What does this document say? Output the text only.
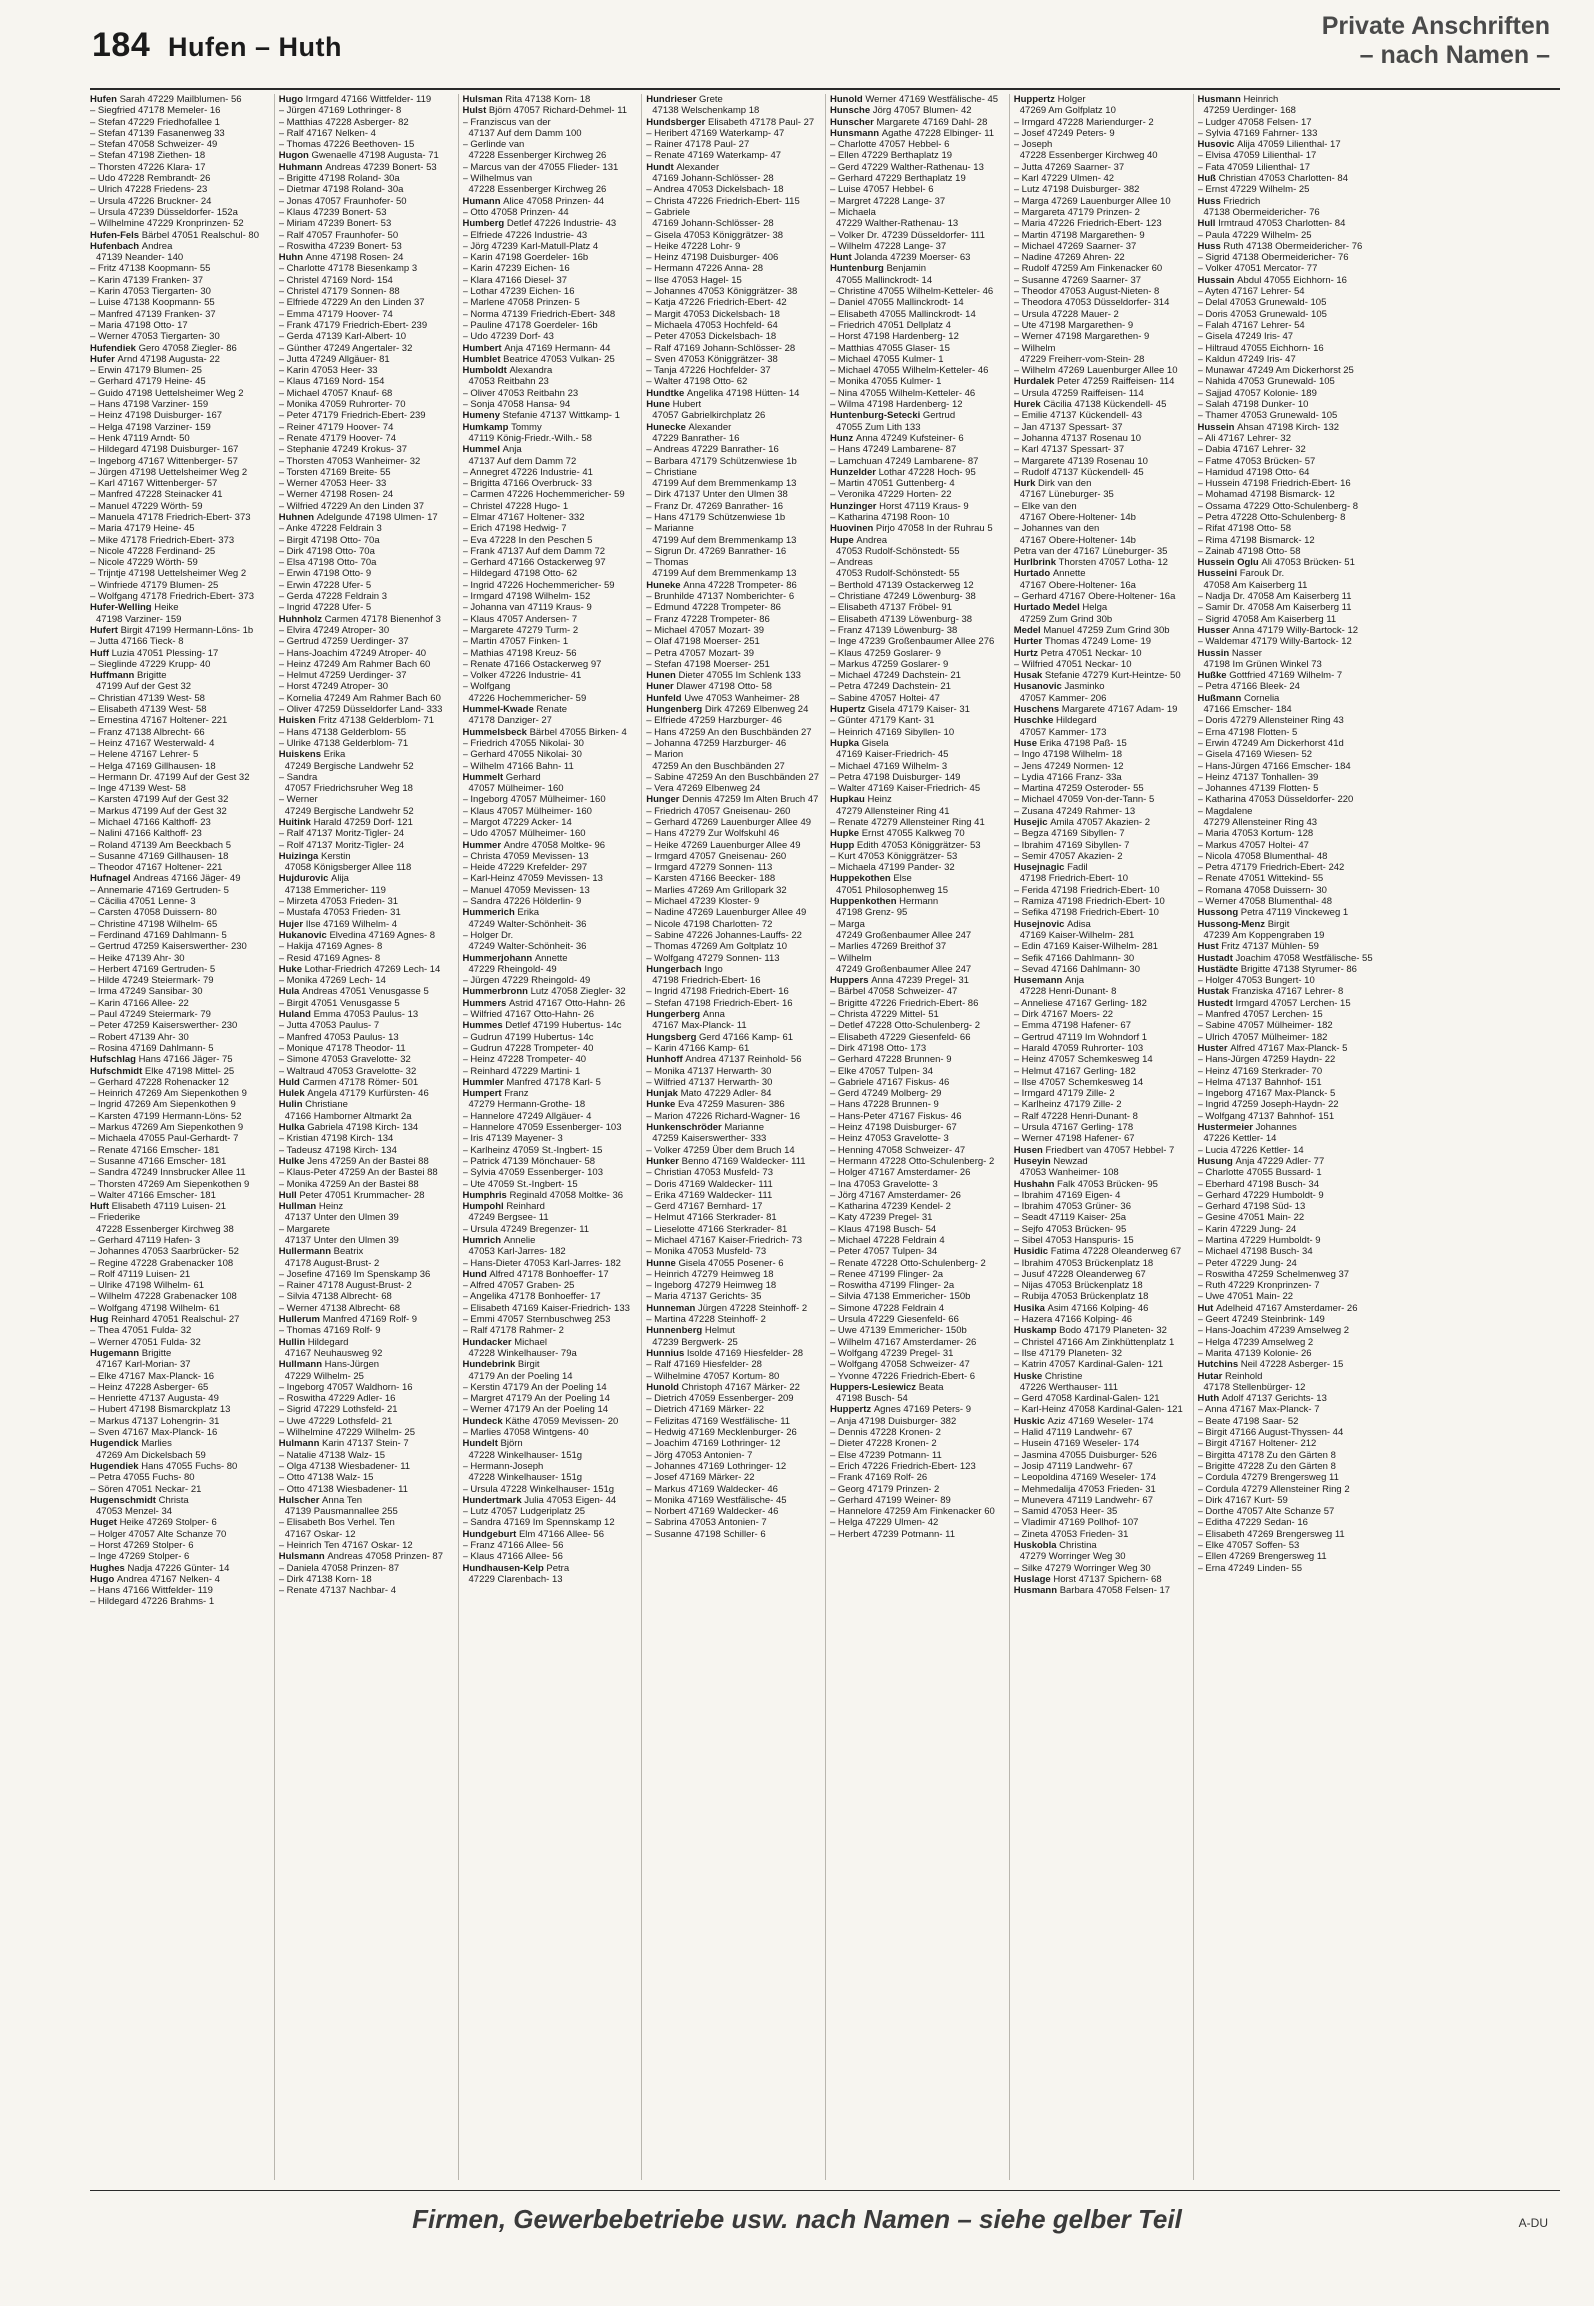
184 Hufen – Huth
Private Anschriften
– nach Namen –
Hufen Sarah 47229 Mailblumen- 56
– Siegfried 47178 Memeler- 16
– Stefan 47229 Friedhofallee 1
– Stefan 47139 Fasanenweg 33
– Stefan 47058 Schweizer- 49
– Stefan 47198 Ziethen- 18
– Thorsten 47226 Klara- 17
– Udo 47228 Rembrandt- 26
– Ulrich 47228 Friedens- 23
– Ursula 47226 Bruckner- 24
– Ursula 47239 Düsseldorfer- 152a
– Wilhelmine 47229 Kronprinzen- 52
Hufen-Fels Bärbel 47051 Realschul- 80
Hufenbach Andrea
47139 Neander- 140
– Fritz 47138 Koopmann- 55
– Karin 47139 Franken- 37
– Karin 47053 Tiergarten- 30
– Luise 47138 Koopmann- 55
– Manfred 47139 Franken- 37
– Maria 47198 Otto- 17
– Werner 47053 Tiergarten- 30
Hufendiek Gero 47058 Ziegler- 86
Hufer Arnd 47198 Augusta- 22
– Erwin 47179 Blumen- 25
– Gerhard 47179 Heine- 45
– Guido 47198 Uettelsheimer Weg 2
– Hans 47198 Varziner- 159
– Heinz 47198 Duisburger- 167
– Helga 47198 Varziner- 159
– Henk 47119 Arndt- 50
– Hildegard 47198 Duisburger- 167
– Ingeborg 47167 Wittenberger- 57
– Jürgen 47198 Uettelsheimer Weg 2
– Karl 47167 Wittenberger- 57
– Manfred 47228 Steinacker 41
– Manuel 47229 Wörth- 59
– Manuela 47178 Friedrich-Ebert- 373
– Maria 47179 Heine- 45
– Mike 47178 Friedrich-Ebert- 373
– Nicole 47228 Ferdinand- 25
– Nicole 47229 Wörth- 59
– Trijntje 47198 Uettelsheimer Weg 2
– Winfriede 47179 Blumen- 25
– Wolfgang 47178 Friedrich-Ebert- 373
Hufer-Welling Heike
47198 Varziner- 159
Hufert Birgit 47199 Hermann-Löns- 1b
– Jutta 47166 Tieck- 8
Huff Luzia 47051 Plessing- 17
– Sieglinde 47229 Krupp- 40
Huffmann Brigitte
47199 Auf der Gest 32
– Christian 47139 West- 58
– Elisabeth 47139 West- 58
– Ernestina 47167 Holtener- 221
– Franz 47138 Albrecht- 66
– Heinz 47167 Westerwald- 4
– Helene 47167 Lehrer- 5
– Helga 47169 Gillhausen- 18
– Hermann Dr. 47199 Auf der Gest 32
– Inge 47139 West- 58
– Karsten 47199 Auf der Gest 32
– Markus 47199 Auf der Gest 32
– Michael 47166 Kalthoff- 23
– Nalini 47166 Kalthoff- 23
– Roland 47139 Am Beeckbach 5
– Susanne 47169 Gillhausen- 18
– Theodor 47167 Holtener- 221
Hufnagel Andreas 47166 Jäger- 49
– Annemarie 47169 Gertruden- 5
– Cäcilia 47051 Lenne- 3
– Carsten 47058 Duissern- 80
– Christine 47198 Wilhelm- 65
– Ferdinand 47169 Dahlmann- 5
– Gertrud 47259 Kaiserswerther- 230
– Heike 47139 Ahr- 30
– Herbert 47169 Gertruden- 5
– Hilde 47249 Steiermark- 79
– Irma 47249 Sansibar- 30
– Karin 47166 Allee- 22
– Paul 47249 Steiermark- 79
– Peter 47259 Kaiserswerther- 230
– Robert 47139 Ahr- 30
– Rosina 47169 Dahlmann- 5
Hufschlag Hans 47166 Jäger- 75
Hufschmidt Elke 47198 Mittel- 25
– Gerhard 47228 Rohenacker 12
– Heinrich 47269 Am Siepenkothen 9
– Ingrid 47269 Am Siepenkothen 9
– Karsten 47199 Hermann-Löns- 52
– Markus 47269 Am Siepenkothen 9
– Michaela 47055 Paul-Gerhardt- 7
– Renate 47166 Emscher- 181
– Susanne 47166 Emscher- 181
– Sandra 47249 Innsbrucker Allee 11
– Thorsten 47269 Am Siepenkothen 9
– Walter 47166 Emscher- 181
Huft Elisabeth 47119 Luisen- 21
– Friederike
47228 Essenberger Kirchweg 38
– Gerhard 47119 Hafen- 3
– Johannes 47053 Saarbrücker- 52
– Regine 47228 Grabenacker 108
– Rolf 47119 Luisen- 21
– Ulrike 47198 Wilhelm- 61
– Wilhelm 47228 Grabenacker 108
– Wolfgang 47198 Wilhelm- 61
Hug Reinhard 47051 Realschul- 27
– Thea 47051 Fulda- 32
– Werner 47051 Fulda- 32
Hugemann Brigitte
47167 Karl-Morian- 37
– Elke 47167 Max-Planck- 16
– Heinz 47228 Asberger- 65
– Henriette 47137 Augusta- 49
– Hubert 47198 Bismarckplatz 13
– Markus 47137 Lohengrin- 31
– Sven 47167 Max-Planck- 16
Hugendick Marlies
47269 Am Dickelsbach 59
Hugendiek Hans 47055 Fuchs- 80
– Petra 47055 Fuchs- 80
– Sören 47051 Neckar- 21
Hugenschmidt Christa
47053 Menzel- 34
Huget Heike 47269 Stolper- 6
– Holger 47057 Alte Schanze 70
– Horst 47269 Stolper- 6
– Inge 47269 Stolper- 6
Hughes Nadja 47226 Günter- 14
Hugo Andrea 47167 Nelken- 4
– Hans 47166 Wittfelder- 119
– Hildegard 47226 Brahms- 1
Hugo Irmgard 47166 Wittfelder- 119
– Jürgen 47169 Lothringer- 8
– Matthias 47228 Asberger- 82
– Ralf 47167 Nelken- 4
– Thomas 47226 Beethoven- 15
Hugon Gwenaelle 47198 Augusta- 71
Huhmann Andreas 47239 Bonert- 53
– Brigitte 47198 Roland- 30a
– Dietmar 47198 Roland- 30a
– Jonas 47057 Fraunhofer- 50
– Klaus 47239 Bonert- 53
– Miriam 47239 Bonert- 53
– Ralf 47057 Fraunhofer- 50
– Roswitha 47239 Bonert- 53
Huhn Anne 47198 Rosen- 24
– Charlotte 47178 Biesenkamp 3
– Christel 47169 Nord- 154
– Christel 47179 Sonnen- 88
– Elfriede 47229 An den Linden 37
– Emma 47179 Hoover- 74
– Frank 47179 Friedrich-Ebert- 239
– Gerda 47139 Karl-Albert- 10
– Günther 47249 Angertaler- 32
– Jutta 47249 Allgäuer- 81
– Karin 47053 Heer- 33
– Klaus 47169 Nord- 154
– Michael 47057 Knauf- 68
– Monika 47059 Ruhrorter- 70
– Peter 47179 Friedrich-Ebert- 239
– Reiner 47179 Hoover- 74
– Renate 47179 Hoover- 74
– Stephanie 47249 Krokus- 37
– Thorsten 47053 Wanheimer- 32
– Torsten 47169 Breite- 55
– Werner 47053 Heer- 33
– Werner 47198 Rosen- 24
– Wilfried 47229 An den Linden 37
Huhnen Adelgunde 47198 Ulmen- 17
– Anke 47228 Feldrain 3
– Birgit 47198 Otto- 70a
– Dirk 47198 Otto- 70a
– Elsa 47198 Otto- 70a
– Erwin 47198 Otto- 9
– Erwin 47228 Ufer- 5
– Gerda 47228 Feldrain 3
– Ingrid 47228 Ufer- 5
Huhnholz Carmen 47178 Bienenhof 3
– Elvira 47249 Atroper- 30
– Gertrud 47259 Uerdinger- 37
– Hans-Joachim 47249 Atroper- 40
– Heinz 47249 Am Rahmer Bach 60
– Helmut 47259 Uerdinger- 37
– Horst 47249 Atroper- 30
– Kornelia 47249 Am Rahmer Bach 60
– Oliver 47259 Düsseldorfer Land- 333
Huisken Fritz 47138 Gelderblom- 71
– Hans 47138 Gelderblom- 55
– Ulrike 47138 Gelderblom- 71
Huiskens Erika
47249 Bergische Landwehr 52
– Sandra
47057 Friedrichsruher Weg 18
– Werner
47249 Bergische Landwehr 52
Huitink Harald 47259 Dorf- 121
– Ralf 47137 Moritz-Tigler- 24
– Rolf 47137 Moritz-Tigler- 24
Huizinga Kerstin
47058 Königsberger Allee 118
Hujdurovic Alija
47138 Emmericher- 119
– Mirzeta 47053 Frieden- 31
– Mustafa 47053 Frieden- 31
Hujer Ilse 47169 Wilhelm- 4
Hukanovic Elvedina 47169 Agnes- 8
– Hakija 47169 Agnes- 8
– Resid 47169 Agnes- 8
Huke Lothar-Friedrich 47269 Lech- 14
– Monika 47269 Lech- 14
Hula Andreas 47051 Venusgasse 5
– Birgit 47051 Venusgasse 5
Huland Emma 47053 Paulus- 13
– Jutta 47053 Paulus- 7
– Manfred 47053 Paulus- 13
– Monique 47178 Theodor- 11
– Simone 47053 Gravelotte- 32
– Waltraud 47053 Gravelotte- 32
Huld Carmen 47178 Römer- 501
Hulek Angela 47179 Kurfürsten- 46
Hulin Christiane
47166 Hamborner Altmarkt 2a
Hulka Gabriela 47198 Kirch- 134
– Kristian 47198 Kirch- 134
– Tadeusz 47198 Kirch- 134
Hulke Jens 47259 An der Bastei 88
– Klaus-Peter 47259 An der Bastei 88
– Monika 47259 An der Bastei 88
Hull Peter 47051 Krummacher- 28
Hullman Heinz
47137 Unter den Ulmen 39
– Margarete
47137 Unter den Ulmen 39
Hullermann Beatrix
47178 August-Brust- 2
– Josefine 47169 Im Spenskamp 36
– Rainer 47178 August-Brust- 2
– Silvia 47138 Albrecht- 68
– Werner 47138 Albrecht- 68
Hullerum Manfred 47169 Rolf- 9
– Thomas 47169 Rolf- 9
Hullin Hildegard
47167 Neuhausweg 92
Hullmann Hans-Jürgen
47229 Wilhelm- 25
– Ingeborg 47057 Waldhorn- 16
– Roswitha 47229 Adler- 16
– Sigrid 47229 Lothsfeld- 21
– Uwe 47229 Lothsfeld- 21
– Wilhelmine 47229 Wilhelm- 25
Hulmann Karin 47137 Stein- 7
– Natalie 47138 Walz- 15
– Olga 47138 Wiesbadener- 11
– Otto 47138 Walz- 15
– Otto 47138 Wiesbadener- 11
Hulscher Anna Ten
47139 Pausmannallee 255
– Elisabeth Bos Verhel. Ten
47167 Oskar- 12
– Heinrich Ten 47167 Oskar- 12
Hulsmann Andreas 47058 Prinzen- 87
– Daniela 47058 Prinzen- 87
– Dirk 47138 Korn- 18
– Renate 47137 Nachbar- 4
Hulsman Rita 47138 Korn- 18
Hulst Björn 47057 Richard-Dehmel- 11
– Franziscus van der
47137 Auf dem Damm 100
– Gerlinde van
47228 Essenberger Kirchweg 26
– Marcus van der 47055 Flieder- 131
– Wilhelmus van
47228 Essenberger Kirchweg 26
Humann Alice 47058 Prinzen- 44
– Otto 47058 Prinzen- 44
Humberg Detlef 47226 Industrie- 43
– Elfriede 47226 Industrie- 43
– Jörg 47239 Karl-Matull-Platz 4
– Karin 47198 Goerdeler- 16b
– Karin 47239 Eichen- 16
– Klara 47166 Diesel- 37
– Lothar 47239 Eichen- 16
– Marlene 47058 Prinzen- 5
– Norma 47139 Friedrich-Ebert- 348
– Pauline 47178 Goerdeler- 16b
– Udo 47239 Dorf- 43
Humbert Anja 47169 Hermann- 44
Humblet Beatrice 47053 Vulkan- 25
Humboldt Alexandra
47053 Reitbahn 23
– Oliver 47053 Reitbahn 23
– Sonja 47058 Hansa- 94
Humeny Stefanie 47137 Wittkamp- 1
Humkamp Tommy
47119 König-Friedr.-Wilh.- 58
Hummel Anja
47137 Auf dem Damm 72
– Annegret 47226 Industrie- 41
– Brigitta 47166 Overbruck- 33
– Carmen 47226 Hochemmericher- 59
– Christel 47228 Hugo- 1
– Elmar 47167 Holtener- 332
– Erich 47198 Hedwig- 7
– Eva 47228 In den Peschen 5
– Frank 47137 Auf dem Damm 72
– Gerhard 47166 Ostackerweg 97
– Hildegard 47198 Otto- 62
– Ingrid 47226 Hochemmericher- 59
– Irmgard 47198 Wilhelm- 152
– Johanna van 47119 Kraus- 9
– Klaus 47057 Andersen- 7
– Margarete 47279 Turm- 2
– Martin 47057 Finken- 1
– Mathias 47198 Kreuz- 56
– Renate 47166 Ostackerweg 97
– Volker 47226 Industrie- 41
– Wolfgang
47226 Hochemmericher- 59
Hummel-Kwade Renate
47178 Danziger- 27
Hummelsbeck Bärbel 47055 Birken- 4
– Friedrich 47055 Nikolai- 30
– Gerhard 47055 Nikolai- 30
– Wilhelm 47166 Bahn- 11
Hummelt Gerhard
47057 Mülheimer- 160
– Ingeborg 47057 Mülheimer- 160
– Klaus 47057 Mülheimer- 160
– Margot 47229 Acker- 14
– Udo 47057 Mülheimer- 160
Hummer Andre 47058 Moltke- 96
– Christa 47059 Mevissen- 13
– Heide 47229 Krefelder- 297
– Karl-Heinz 47059 Mevissen- 13
– Manuel 47059 Mevissen- 13
– Sandra 47226 Hölderlin- 9
Hummerich Erika
47249 Walter-Schönheit- 36
– Holger Dr.
47249 Walter-Schönheit- 36
Hummerjohann Annette
47229 Rheingold- 49
– Jürgen 47229 Rheingold- 49
Hummerbronn Lutz 47058 Ziegler- 32
Hummers Astrid 47167 Otto-Hahn- 26
– Wilfried 47167 Otto-Hahn- 26
Hummes Detlef 47199 Hubertus- 14c
– Gudrun 47199 Hubertus- 14c
– Gudrun 47228 Trompeter- 40
– Heinz 47228 Trompeter- 40
– Reinhard 47229 Martini- 1
Hummler Manfred 47178 Karl- 5
Humpert Franz
47279 Hermann-Grothe- 18
– Hannelore 47249 Allgäuer- 4
– Hannelore 47059 Essenberger- 103
– Iris 47139 Mayener- 3
– Karlheinz 47059 St.-Ingbert- 15
– Patrick 47139 Mönchauer- 58
– Sylvia 47059 Essenberger- 103
– Ute 47059 St.-Ingbert- 15
Humphris Reginald 47058 Moltke- 36
Humpohl Reinhard
47249 Bergsee- 11
– Ursula 47249 Bregenzer- 11
Humrich Annelie
47053 Karl-Jarres- 182
– Hans-Dieter 47053 Karl-Jarres- 182
Hund Alfred 47178 Bonhoeffer- 17
– Alfred 47057 Graben- 25
– Angelika 47178 Bonhoeffer- 17
– Elisabeth 47169 Kaiser-Friedrich- 133
– Emmi 47057 Sternbuschweg 253
– Ralf 47178 Rahmer- 2
Hundacker Michael
47228 Winkelhauser- 79a
Hundebrink Birgit
47179 An der Poeling 14
– Kerstin 47179 An der Poeling 14
– Margret 47179 An der Poeling 14
– Werner 47179 An der Poeling 14
Hundeck Käthe 47059 Mevissen- 20
– Marlies 47058 Wintgens- 40
Hundelt Björn
47228 Winkelhauser- 151g
– Hermann-Joseph
47228 Winkelhauser- 151g
– Ursula 47228 Winkelhauser- 151g
Hundertmark Julia 47053 Eigen- 44
– Lutz 47057 Ludgeriplatz 25
– Sandra 47169 Im Spennskamp 12
Hundgeburt Elm 47166 Allee- 56
– Franz 47166 Allee- 56
– Klaus 47166 Allee- 56
Hundhausen-Kelp Petra
47229 Clarenbach- 13
Hundrieser Grete
47138 Welschenkamp 18
Hundsberger Elisabeth 47178 Paul- 27
– Heribert 47169 Waterkamp- 47
– Rainer 47178 Paul- 27
– Renate 47169 Waterkamp- 47
Hundt Alexander
47169 Johann-Schlösser- 28
– Andrea 47053 Dickelsbach- 18
– Christa 47226 Friedrich-Ebert- 115
– Gabriele
47169 Johann-Schlösser- 28
– Gisela 47053 Königgrätzer- 38
– Heike 47228 Lohr- 9
– Heinz 47198 Duisburger- 406
– Hermann 47226 Anna- 28
– Ilse 47053 Hagel- 15
– Johannes 47053 Königgrätzer- 38
– Katja 47226 Friedrich-Ebert- 42
– Margit 47053 Dickelsbach- 18
– Michaela 47053 Hochfeld- 64
– Peter 47053 Dickelsbach- 18
– Ralf 47169 Johann-Schlösser- 28
– Sven 47053 Königgrätzer- 38
– Tanja 47226 Hochfelder- 37
– Walter 47198 Otto- 62
Hundtke Angelika 47198 Hütten- 14
Hune Hubert
47057 Gabrielkirchplatz 26
Hunecke Alexander
47229 Banrather- 16
– Andreas 47229 Banrather- 16
– Barbara 47179 Schützenwiese 1b
– Christiane
47199 Auf dem Bremmenkamp 13
– Dirk 47137 Unter den Ulmen 38
– Franz Dr. 47269 Banrather- 16
– Hans 47179 Schützenwiese 1b
– Marianne
47199 Auf dem Bremmenkamp 13
– Sigrun Dr. 47269 Banrather- 16
– Thomas
47199 Auf dem Bremmenkamp 13
Huneke Anna 47228 Trompeter- 86
– Brunhilde 47137 Nomberichter- 6
– Edmund 47228 Trompeter- 86
– Franz 47228 Trompeter- 86
– Michael 47057 Mozart- 39
– Olaf 47198 Moerser- 251
– Petra 47057 Mozart- 39
– Stefan 47198 Moerser- 251
Hunen Dieter 47055 Im Schlenk 133
Huner Dlawer 47198 Otto- 58
Hunfeld Uwe 47053 Wanheimer- 28
Hungenberg Dirk 47269 Elbenweg 24
– Elfriede 47259 Harzburger- 46
– Hans 47259 An den Buschbänden 27
– Johanna 47259 Harzburger- 46
– Marion
47259 An den Buschbänden 27
– Sabine 47259 An den Buschbänden 27
– Vera 47269 Elbenweg 24
Hunger Dennis 47259 Im Alten Bruch 47
– Friedrich 47057 Gneisenau- 260
– Gerhard 47269 Lauenburger Allee 49
– Hans 47279 Zur Wolfskuhl 46
– Heike 47269 Lauenburger Allee 49
– Irmgard 47057 Gneisenau- 260
– Irmgard 47279 Sonnen- 113
– Karsten 47166 Beecker- 188
– Marlies 47269 Am Grillopark 32
– Michael 47239 Kloster- 9
– Nadine 47269 Lauenburger Allee 49
– Nicole 47198 Charlotten- 72
– Sabine 47226 Johannes-Lauffs- 22
– Thomas 47269 Am Goltplatz 10
– Wolfgang 47279 Sonnen- 113
Hungerbach Ingo
47198 Friedrich-Ebert- 16
– Ingrid 47198 Friedrich-Ebert- 16
– Stefan 47198 Friedrich-Ebert- 16
Hungerberg Anna
47167 Max-Planck- 11
Hungsberg Gerd 47166 Kamp- 61
– Karin 47166 Kamp- 61
Hunhoff Andrea 47137 Reinhold- 56
– Monika 47137 Herwarth- 30
– Wilfried 47137 Herwarth- 30
Hunjak Mato 47229 Adler- 84
Hunke Eva 47259 Masuren- 386
– Marion 47226 Richard-Wagner- 16
Hunkenschröder Marianne
47259 Kaiserswerther- 333
– Volker 47259 Über dem Bruch 14
Hunker Benno 47169 Waldecker- 111
– Christian 47053 Musfeld- 73
– Doris 47169 Waldecker- 111
– Erika 47169 Waldecker- 111
– Gerd 47167 Bernhard- 17
– Helmut 47166 Sterkrader- 81
– Lieselotte 47166 Sterkrader- 81
– Michael 47167 Kaiser-Friedrich- 73
– Monika 47053 Musfeld- 73
Hunne Gisela 47055 Posener- 6
– Heinrich 47279 Heimweg 18
– Ingeborg 47279 Heimweg 18
– Maria 47137 Gerichts- 35
Hunneman Jürgen 47228 Steinhoff- 2
– Martina 47228 Steinhoff- 2
Hunnenberg Helmut
47239 Bergwerk- 25
Hunnius Isolde 47169 Hiesfelder- 28
– Ralf 47169 Hiesfelder- 28
– Wilhelmine 47057 Kortum- 80
Hunold Christoph 47167 Märker- 22
– Dietrich 47059 Essenberger- 209
– Dietrich 47169 Märker- 22
– Felizitas 47169 Westfälische- 11
– Hedwig 47169 Mecklenburger- 26
– Joachim 47169 Lothringer- 12
– Jörg 47053 Antonien- 7
– Johannes 47169 Lothringer- 12
– Josef 47169 Märker- 22
– Markus 47169 Waldecker- 46
– Monika 47169 Westfälische- 45
– Norbert 47169 Waldecker- 46
– Sabrina 47053 Antonien- 7
– Susanne 47198 Schiller- 6
Hunold Werner 47169 Westfälische- 45
Hunsche Jörg 47057 Blumen- 42
Hunscher Margarete 47169 Dahl- 28
Hunsmann Agathe 47228 Elbinger- 11
– Charlotte 47057 Hebbel- 6
– Ellen 47229 Berthaplatz 19
– Gerd 47229 Walther-Rathenau- 13
– Gerhard 47229 Berthaplatz 19
– Luise 47057 Hebbel- 6
– Margret 47228 Lange- 37
– Michaela
47229 Walther-Rathenau- 13
– Volker Dr. 47239 Düsseldorfer- 111
– Wilhelm 47228 Lange- 37
Hunt Jolanda 47239 Moerser- 63
Huntenburg Benjamin
47055 Mallinckrodt- 14
– Christine 47055 Wilhelm-Ketteler- 46
– Daniel 47055 Mallinckrodt- 14
– Elisabeth 47055 Mallinckrodt- 14
– Friedrich 47051 Dellplatz 4
– Horst 47198 Hardenberg- 12
– Matthias 47055 Glaser- 15
– Michael 47055 Kulmer- 1
– Michael 47055 Wilhelm-Ketteler- 46
– Monika 47055 Kulmer- 1
– Nina 47055 Wilhelm-Ketteler- 46
– Wilma 47198 Hardenberg- 12
Huntenburg-Setecki Gertrud
47055 Zum Lith 133
Hunz Anna 47249 Kufsteiner- 6
– Hans 47249 Lambarene- 87
– Lamchuan 47249 Lambarene- 87
Hunzelder Lothar 47228 Hoch- 95
– Martin 47051 Guttenberg- 4
– Veronika 47229 Horten- 22
Hunzinger Horst 47119 Kraus- 9
– Katharina 47198 Roon- 10
Huovinen Pirjo 47058 In der Ruhrau 5
Hupe Andrea
47053 Rudolf-Schönstedt- 55
– Andreas
47053 Rudolf-Schönstedt- 55
– Berthold 47139 Ostackerweg 12
– Christiane 47249 Löwenburg- 38
– Elisabeth 47137 Fröbel- 91
– Elisabeth 47139 Löwenburg- 38
– Franz 47139 Löwenburg- 38
– Inge 47239 Großenbaumer Allee 276
– Klaus 47259 Goslarer- 9
– Markus 47259 Goslarer- 9
– Michael 47249 Dachstein- 21
– Petra 47249 Dachstein- 21
– Sabine 47057 Holtei- 47
Hupertz Gisela 47179 Kaiser- 31
– Günter 47179 Kant- 31
– Heinrich 47169 Sibyllen- 10
Hupka Gisela
47169 Kaiser-Friedrich- 45
– Michael 47169 Wilhelm- 3
– Petra 47198 Duisburger- 149
– Walter 47169 Kaiser-Friedrich- 45
Hupkau Heinz
47279 Allensteiner Ring 41
– Renate 47279 Allensteiner Ring 41
Hupke Ernst 47055 Kalkweg 70
Hupp Edith 47053 Königgrätzer- 53
– Kurt 47053 Königgrätzer- 53
– Michaela 47199 Pander- 32
Huppekothen Else
47051 Philosophenweg 15
Huppenkothen Hermann
47198 Grenz- 95
– Marga
47249 Großenbaumer Allee 247
– Marlies 47269 Breithof 37
– Wilhelm
47249 Großenbaumer Allee 247
Huppers Anna 47239 Pregel- 31
– Bärbel 47058 Schweizer- 47
– Brigitte 47226 Friedrich-Ebert- 86
– Christa 47229 Mittel- 51
– Detlef 47228 Otto-Schulenberg- 2
– Elisabeth 47229 Giesenfeld- 66
– Dirk 47198 Otto- 173
– Gerhard 47228 Brunnen- 9
– Elke 47057 Tulpen- 34
– Gabriele 47167 Fiskus- 46
– Gerd 47249 Molberg- 29
– Hans 47228 Brunnen- 9
– Hans-Peter 47167 Fiskus- 46
– Heinz 47198 Duisburger- 67
– Heinz 47053 Gravelotte- 3
– Henning 47058 Schweizer- 47
– Hermann 47228 Otto-Schulenberg- 2
– Holger 47167 Amsterdamer- 26
– Ina 47053 Gravelotte- 3
– Jörg 47167 Amsterdamer- 26
– Katharina 47239 Kendel- 2
– Katy 47239 Pregel- 31
– Klaus 47198 Busch- 54
– Michael 47228 Feldrain 4
– Peter 47057 Tulpen- 34
– Renate 47228 Otto-Schulenberg- 2
– Renee 47199 Flinger- 2a
– Roswitha 47199 Flinger- 2a
– Silvia 47138 Emmericher- 150b
– Simone 47228 Feldrain 4
– Ursula 47229 Giesenfeld- 66
– Uwe 47139 Emmericher- 150b
– Wilhelm 47167 Amsterdamer- 26
– Wolfgang 47239 Pregel- 31
– Wolfgang 47058 Schweizer- 47
– Yvonne 47226 Friedrich-Ebert- 6
Huppers-Lesiewicz Beata
47198 Busch- 54
Huppertz Agnes 47169 Peters- 9
– Anja 47198 Duisburger- 382
– Dennis 47228 Kronen- 2
– Dieter 47228 Kronen- 2
– Else 47239 Potmann- 11
– Erich 47226 Friedrich-Ebert- 123
– Frank 47169 Rolf- 26
– Georg 47179 Prinzen- 2
– Gerhard 47199 Weiner- 89
– Hannelore 47259 Am Finkenacker 60
– Helga 47229 Ulmen- 42
– Herbert 47239 Potmann- 11
Huppertz Holger
47269 Am Golfplatz 10
– Irmgard 47228 Mariendurger- 2
– Josef 47249 Peters- 9
– Joseph
47228 Essenberger Kirchweg 40
– Jutta 47269 Saarner- 37
– Karl 47229 Ulmen- 42
– Lutz 47198 Duisburger- 382
– Marga 47269 Lauenburger Allee 10
– Margareta 47179 Prinzen- 2
– Maria 47226 Friedrich-Ebert- 123
– Martin 47198 Margarethen- 9
– Michael 47269 Saarner- 37
– Nadine 47269 Ahren- 22
– Rudolf 47259 Am Finkenacker 60
– Susanne 47269 Saarner- 37
– Theodor 47053 August-Nieten- 8
– Theodora 47053 Düsseldorfer- 314
– Ursula 47228 Mauer- 2
– Ute 47198 Margarethen- 9
– Werner 47198 Margarethen- 9
– Wilhelm
47229 Freiherr-vom-Stein- 28
– Wilhelm 47269 Lauenburger Allee 10
Hurdalek Peter 47259 Raiffeisen- 114
– Ursula 47259 Raiffeisen- 114
Hurek Cäcilia 47138 Kückendell- 45
– Emilie 47137 Kückendell- 43
– Jan 47137 Spessart- 37
– Johanna 47137 Rosenau 10
– Karl 47137 Spessart- 37
– Margarete 47139 Rosenau 10
– Rudolf 47137 Kückendell- 45
Hurk Dirk van den
47167 Lüneburger- 35
– Elke van den
47167 Obere-Holtener- 14b
– Johannes van den
47167 Obere-Holtener- 14b
Petra van der 47167 Lüneburger- 35
Hurlbrink Thorsten 47057 Lotha- 12
Hurtado Annette
47167 Obere-Holtener- 16a
– Gerhard 47167 Obere-Holtener- 16a
Hurtado Medel Helga
47259 Zum Grind 30b
Medel Manuel 47259 Zum Grind 30b
Hurter Thomas 47249 Lome- 19
Hurtz Petra 47051 Neckar- 10
– Wilfried 47051 Neckar- 10
Husak Stefanie 47279 Kurt-Heintze- 50
Husanovic Jasminko
47057 Kammer- 206
Huschens Margarete 47167 Adam- 19
Huschke Hildegard
47057 Kammer- 173
Huse Erika 47198 Paß- 15
– Ingo 47198 Wilhelm- 18
– Jens 47249 Normen- 12
– Lydia 47166 Franz- 33a
– Martina 47259 Osteroder- 55
– Michael 47059 Von-der-Tann- 5
– Zusana 47249 Rahmer- 13
Husejic Amila 47057 Akazien- 2
– Begza 47169 Sibyllen- 7
– Ibrahim 47169 Sibyllen- 7
– Semir 47057 Akazien- 2
Husejnagic Fadil
47198 Friedrich-Ebert- 10
– Ferida 47198 Friedrich-Ebert- 10
– Ramiza 47198 Friedrich-Ebert- 10
– Sefika 47198 Friedrich-Ebert- 10
Husejnovic Adisa
47169 Kaiser-Wilhelm- 281
– Edin 47169 Kaiser-Wilhelm- 281
– Sefik 47166 Dahlmann- 30
– Sevad 47166 Dahlmann- 30
Husemann Anja
47228 Henri-Dunant- 8
– Anneliese 47167 Gerling- 182
– Dirk 47167 Moers- 22
– Emma 47198 Hafener- 67
– Gertrud 47119 Im Wohndorf 1
– Harald 47059 Ruhrorter- 103
– Heinz 47057 Schemkesweg 14
– Helmut 47167 Gerling- 182
– Ilse 47057 Schemkesweg 14
– Irmgard 47179 Zille- 2
– Karlheinz 47179 Zille- 2
– Ralf 47228 Henri-Dunant- 8
– Ursula 47167 Gerling- 178
– Werner 47198 Hafener- 67
Husen Friedbert van 47057 Hebbel- 7
Huseyin Newzad
47053 Wanheimer- 108
Hushahn Falk 47053 Brücken- 95
– Ibrahim 47169 Eigen- 4
– Ibrahim 47053 Grüner- 36
– Seadt 47119 Kaiser- 25a
– Sejfo 47053 Brücken- 95
– Sibel 47053 Hanspuris- 15
Husidic Fatima 47228 Oleanderweg 67
– Ibrahim 47053 Brückenplatz 18
– Jusuf 47228 Oleanderweg 67
– Nijas 47053 Brückenplatz 18
– Rubija 47053 Brückenplatz 18
Husika Asim 47166 Kolping- 46
– Hazera 47166 Kolping- 46
Huskamp Bodo 47179 Planeten- 32
– Christel 47166 Am Zinkhüttenplatz 1
– Ilse 47179 Planeten- 32
– Katrin 47057 Kardinal-Galen- 121
Huske Christine
47226 Werthauser- 111
– Gerd 47058 Kardinal-Galen- 121
– Karl-Heinz 47058 Kardinal-Galen- 121
Huskic Aziz 47169 Weseler- 174
– Halid 47119 Landwehr- 67
– Husein 47169 Weseler- 174
– Jasmina 47055 Duisburger- 526
– Josip 47119 Landwehr- 67
– Leopoldina 47169 Weseler- 174
– Mehmedalija 47053 Frieden- 31
– Munevera 47119 Landwehr- 67
– Samid 47053 Heer- 35
– Vladimir 47169 Pollhof- 107
– Zineta 47053 Frieden- 31
Huskobla Christina
47279 Worringer Weg 30
– Silke 47279 Worringer Weg 30
Huslage Horst 47137 Spichern- 68
Husmann Barbara 47058 Felsen- 17
Husmann Heinrich
47259 Uerdinger- 168
– Ludger 47058 Felsen- 17
– Sylvia 47169 Fahrner- 133
Husovic Alija 47059 Lilienthal- 17
– Elvisa 47059 Lilienthal- 17
– Fata 47059 Lilienthal- 17
Huß Christian 47053 Charlotten- 84
– Ernst 47229 Wilhelm- 25
Huss Friedrich
47138 Obermeidericher- 76
Hull Irmtraud 47053 Charlotten- 84
– Paula 47229 Wilhelm- 25
Huss Ruth 47138 Obermeidericher- 76
– Sigrid 47138 Obermeidericher- 76
– Volker 47051 Mercator- 77
Hussain Abdul 47055 Eichhorn- 16
– Ayten 47167 Lehrer- 54
– Delal 47053 Grunewald- 105
– Doris 47053 Grunewald- 105
– Falah 47167 Lehrer- 54
– Gisela 47249 Iris- 47
– Hiltraud 47055 Eichhorn- 16
– Kaldun 47249 Iris- 47
– Munawar 47249 Am Dickerhorst 25
– Nahida 47053 Grunewald- 105
– Sajjad 47057 Kolonie- 189
– Salah 47198 Dunker- 10
– Thamer 47053 Grunewald- 105
Hussein Ahsan 47198 Kirch- 132
– Ali 47167 Lehrer- 32
– Dabia 47167 Lehrer- 32
– Fatme 47053 Brücken- 57
– Hamidud 47198 Otto- 64
– Hussein 47198 Friedrich-Ebert- 16
– Mohamad 47198 Bismarck- 12
– Ossama 47229 Otto-Schulenberg- 8
– Petra 47228 Otto-Schulenberg- 8
– Rifat 47198 Otto- 58
– Rima 47198 Bismarck- 12
– Zainab 47198 Otto- 58
Hussein Oglu Ali 47053 Brücken- 51
Husseini Farouk Dr.
47058 Am Kaiserberg 11
– Nadja Dr. 47058 Am Kaiserberg 11
– Samir Dr. 47058 Am Kaiserberg 11
– Sigrid 47058 Am Kaiserberg 11
Husser Anna 47179 Willy-Bartock- 12
– Waldemar 47179 Willy-Bartock- 12
Hussin Nasser
47198 Im Grünen Winkel 73
Hußke Gottfried 47169 Wilhelm- 7
– Petra 47166 Bleek- 24
Hußmann Cornelia
47166 Emscher- 184
– Doris 47279 Allensteiner Ring 43
– Erna 47198 Flotten- 5
– Erwin 47249 Am Dickerhorst 41d
– Gisela 47169 Wiesen- 52
– Hans-Jürgen 47166 Emscher- 184
– Heinz 47137 Tonhallen- 39
– Johannes 47139 Flotten- 5
– Katharina 47053 Düsseldorfer- 220
– Magdalene
47279 Allensteiner Ring 43
– Maria 47053 Kortum- 128
– Markus 47057 Holtei- 47
– Nicola 47058 Blumenthal- 48
– Petra 47179 Friedrich-Ebert- 242
– Renate 47051 Wittekind- 55
– Romana 47058 Duissern- 30
– Werner 47058 Blumenthal- 48
Hussong Petra 47119 Vinckeweg 1
Hussong-Menz Birgit
47239 Am Koppengraben 19
Hust Fritz 47137 Mühlen- 59
Hustadt Joachim 47058 Westfälische- 55
Hustädte Brigitte 47138 Styrumer- 86
– Holger 47053 Bungert- 10
Hustak Franziska 47167 Lehrer- 8
Hustedt Irmgard 47057 Lerchen- 15
– Manfred 47057 Lerchen- 15
– Sabine 47057 Mülheimer- 182
– Ulrich 47057 Mülheimer- 182
Huster Alfred 47167 Max-Planck- 5
– Hans-Jürgen 47259 Haydn- 22
– Heinz 47169 Sterkrader- 70
– Helma 47137 Bahnhof- 151
– Ingeborg 47167 Max-Planck- 5
– Ingrid 47259 Joseph-Haydn- 22
– Wolfgang 47137 Bahnhof- 151
Hustermeier Johannes
47226 Kettler- 14
– Lucia 47226 Kettler- 14
Husung Anja 47229 Adler- 77
– Charlotte 47055 Bussard- 1
– Eberhard 47198 Busch- 34
– Gerhard 47229 Humboldt- 9
– Gerhard 47198 Süd- 13
– Gesine 47051 Main- 22
– Karin 47229 Jung- 24
– Martina 47229 Humboldt- 9
– Michael 47198 Busch- 34
– Peter 47229 Jung- 24
– Roswitha 47259 Schelmenweg 37
– Ruth 47229 Kronprinzen- 7
– Uwe 47051 Main- 22
Hut Adelheid 47167 Amsterdamer- 26
– Geert 47249 Steinbrink- 149
– Hans-Joachim 47239 Amselweg 2
– Helga 47239 Amselweg 2
– Marita 47139 Kolonie- 26
Hutchins Neil 47228 Asberger- 15
Hutar Reinhold
47178 Stellenbürger- 12
Huth Adolf 47137 Gerichts- 13
– Anna 47167 Max-Planck- 7
– Beate 47198 Saar- 52
– Birgit 47166 August-Thyssen- 44
– Birgit 47167 Holtener- 212
– Birgitta 47178 Zu den Gärten 8
– Brigitte 47228 Zu den Gärten 8
– Cordula 47279 Brengersweg 11
– Cordula 47279 Allensteiner Ring 2
– Dirk 47167 Kurt- 59
– Dorthe 47057 Alte Schanze 57
– Editha 47229 Sedan- 16
– Elisabeth 47269 Brengersweg 11
– Elke 47057 Soffen- 53
– Ellen 47269 Brengersweg 11
– Erna 47249 Linden- 55
Firmen, Gewerbebetriebe usw. nach Namen – siehe gelber Teil	A-DU
